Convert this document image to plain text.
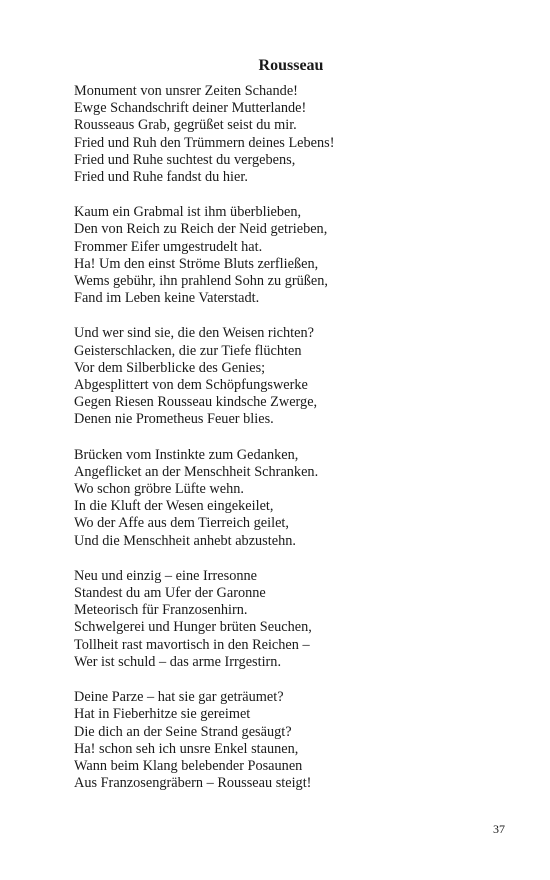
Rousseau
Monument von unsrer Zeiten Schande!
Ewge Schandschrift deiner Mutterlande!
Rousseaus Grab, gegrüßet seist du mir.
Fried und Ruh den Trümmern deines Lebens!
Fried und Ruhe suchtest du vergebens,
Fried und Ruhe fandst du hier.
Kaum ein Grabmal ist ihm überblieben,
Den von Reich zu Reich der Neid getrieben,
Frommer Eifer umgestrudelt hat.
Ha! Um den einst Ströme Bluts zerfließen,
Wems gebühr, ihn prahlend Sohn zu grüßen,
Fand im Leben keine Vaterstadt.
Und wer sind sie, die den Weisen richten?
Geisterschlacken, die zur Tiefe flüchten
Vor dem Silberblicke des Genies;
Abgesplittert von dem Schöpfungswerke
Gegen Riesen Rousseau kindsche Zwerge,
Denen nie Prometheus Feuer blies.
Brücken vom Instinkte zum Gedanken,
Angeflicket an der Menschheit Schranken.
Wo schon gröbre Lüfte wehn.
In die Kluft der Wesen eingekeilet,
Wo der Affe aus dem Tierreich geilet,
Und die Menschheit anhebt abzustehn.
Neu und einzig – eine Irresonne
Standest du am Ufer der Garonne
Meteorisch für Franzosenhirn.
Schwelgerei und Hunger brüten Seuchen,
Tollheit rast mavortisch in den Reichen –
Wer ist schuld – das arme Irrgestirn.
Deine Parze – hat sie gar geträumet?
Hat in Fieberhitze sie gereimet
Die dich an der Seine Strand gesäugt?
Ha! schon seh ich unsre Enkel staunen,
Wann beim Klang belebender Posaunen
Aus Franzosengräbern – Rousseau steigt!
37
